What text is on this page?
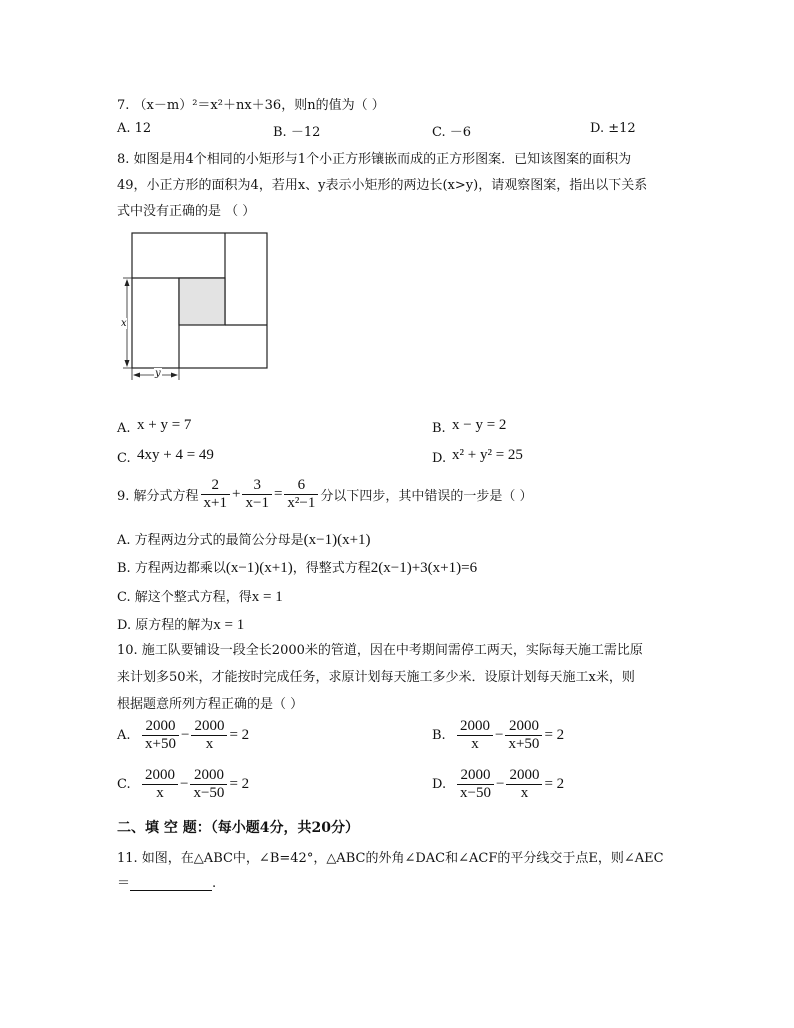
7. （x－m）²＝x²＋nx＋36，则n的值为（ ）
A. 12	B. －12	C. －6	D. ±12
8. 如图是用4个相同的小矩形与1个小正方形镶嵌而成的正方形图案．已知该图案的面积为
49，小正方形的面积为4，若用x、y表示小矩形的两边长(x>y)，请观察图案，指出以下关系
式中没有正确的是 （ ）
x
y
A. x + y = 7	B. x − y = 2
C. 4xy + 4 = 49	D. x² + y² = 25
9. 解分式方程 $\frac{2}{x+1} + \frac{3}{x-1} = \frac{6}{\text{x²−1}}$ 分以下四步，其中错误的一步是（ ）
A. 方程两边分式的最简公分母是(x−1)(x+1)
B. 方程两边都乘以(x−1)(x+1)，得整式方程2(x−1)+3(x+1)=6
C. 解这个整式方程，得x = 1
D. 原方程的解为x = 1
10. 施工队要铺设一段全长2000米的管道，因在中考期间需停工两天，实际每天施工需比原
来计划多50米，才能按时完成任务，求原计划每天施工多少米．设原计划每天施工x米，则
根据题意所列方程正确的是（ ）
A. $\frac{2000}{x+50} - \frac{2000}{x} = 2$	B. $\frac{2000}{x} - \frac{2000}{x+50} = 2$
C. $\frac{2000}{x} - \frac{2000}{x-50} = 2$	D. $\frac{2000}{x-50} - \frac{2000}{x} = 2$
二、填 空 题：（每小题4分，共20分）
11. 如图，在△ABC中，∠B=42°，△ABC的外角∠DAC和∠ACF的平分线交于点E，则∠AEC
＝	.
